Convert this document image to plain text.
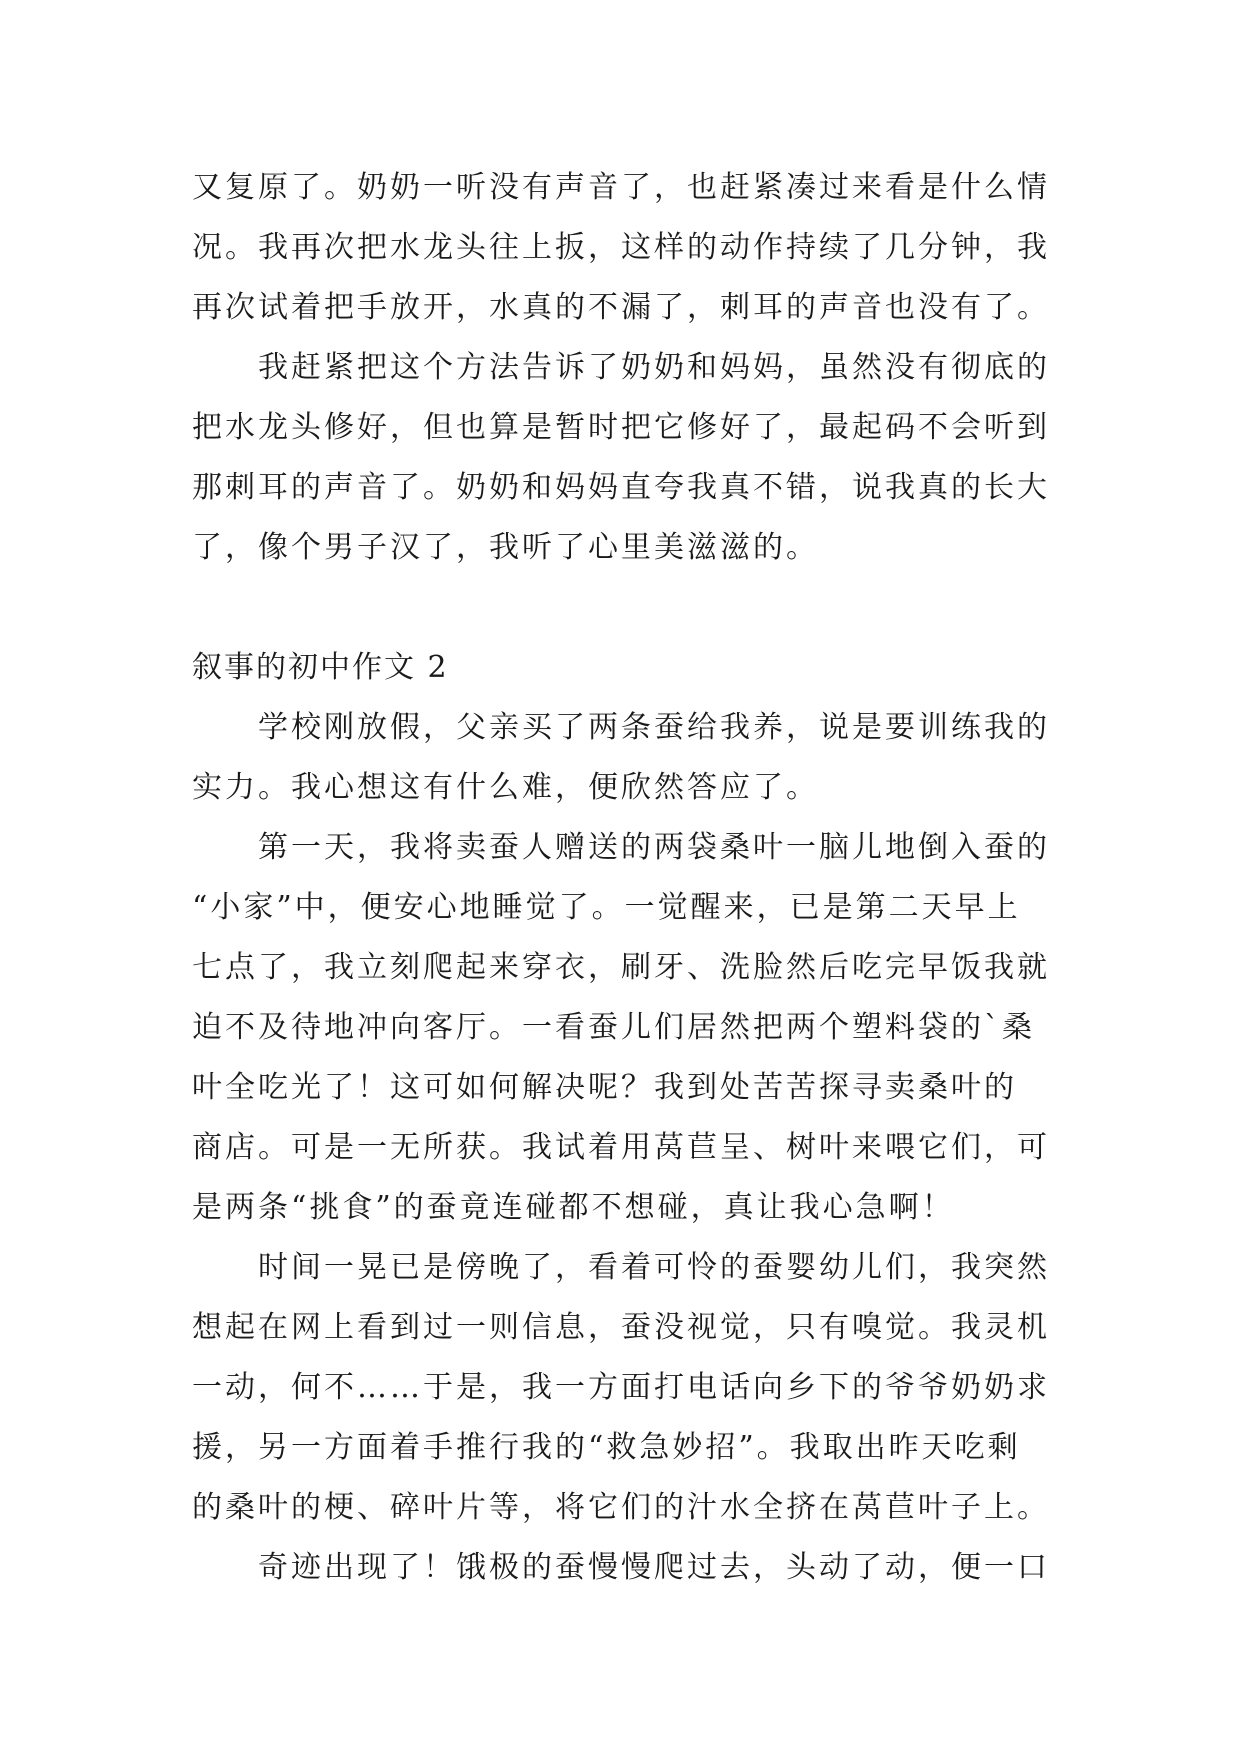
又复原了。奶奶一听没有声音了，也赶紧凑过来看是什么情
况。我再次把水龙头往上扳，这样的动作持续了几分钟，我
再次试着把手放开，水真的不漏了，刺耳的声音也没有了。
我赶紧把这个方法告诉了奶奶和妈妈，虽然没有彻底的
把水龙头修好，但也算是暂时把它修好了，最起码不会听到
那刺耳的声音了。奶奶和妈妈直夸我真不错，说我真的长大
了，像个男子汉了，我听了心里美滋滋的。
叙事的初中作文 2
学校刚放假，父亲买了两条蚕给我养，说是要训练我的
实力。我心想这有什么难，便欣然答应了。
第一天，我将卖蚕人赠送的两袋桑叶一脑儿地倒入蚕的
“小家”中，便安心地睡觉了。一觉醒来，已是第二天早上
七点了，我立刻爬起来穿衣，刷牙、洗脸然后吃完早饭我就
迫不及待地冲向客厅。一看蚕儿们居然把两个塑料袋的`桑
叶全吃光了！这可如何解决呢？我到处苦苦探寻卖桑叶的
商店。可是一无所获。我试着用莴苣呈、树叶来喂它们，可
是两条“挑食”的蚕竟连碰都不想碰，真让我心急啊！
时间一晃已是傍晚了，看着可怜的蚕婴幼儿们，我突然
想起在网上看到过一则信息，蚕没视觉，只有嗅觉。我灵机
一动，何不……于是，我一方面打电话向乡下的爷爷奶奶求
援，另一方面着手推行我的“救急妙招”。我取出昨天吃剩
的桑叶的梗、碎叶片等，将它们的汁水全挤在莴苣叶子上。
奇迹出现了！饿极的蚕慢慢爬过去，头动了动，便一口
